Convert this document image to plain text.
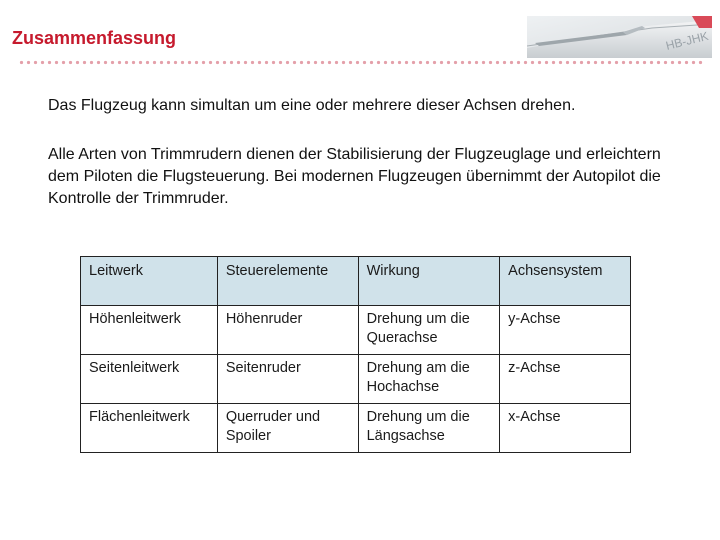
Zusammenfassung	HB-JHK
Das Flugzeug kann simultan um eine oder mehrere dieser Achsen drehen.
Alle Arten von Trimmrudern dienen der Stabilisierung der Flugzeuglage und erleichtern dem Piloten die Flugsteuerung. Bei modernen Flugzeugen übernimmt der Autopilot die Kontrolle der Trimmruder.
Leitwerk	Steuerelemente	Wirkung	Achsensystem
Höhenleitwerk	Höhenruder	Drehung um die Querachse	y-Achse
Seitenleitwerk	Seitenruder	Drehung am die Hochachse	z-Achse
Flächenleitwerk	Querruder und Spoiler	Drehung um die Längsachse	x-Achse
